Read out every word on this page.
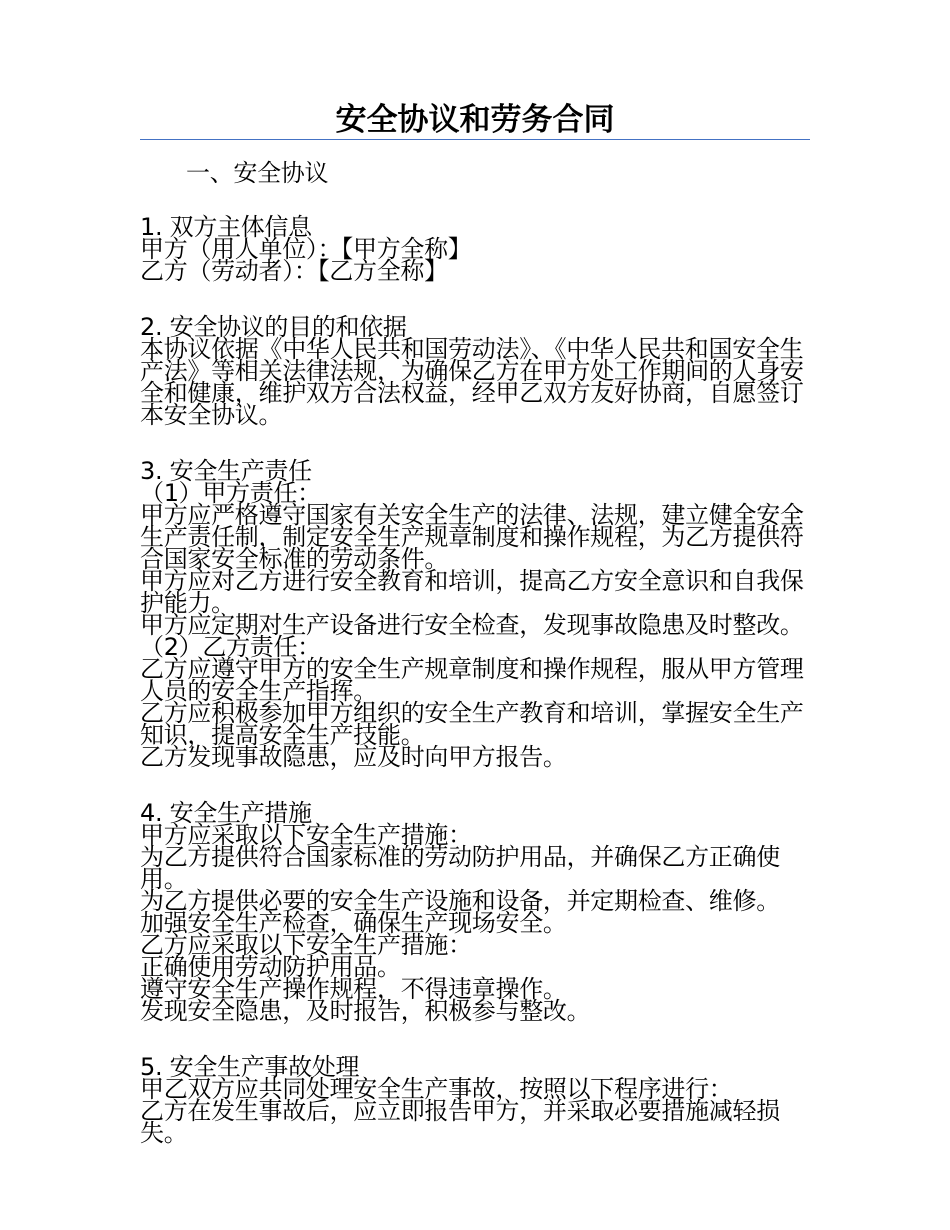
安全协议和劳务合同

一、安全协议

1. 双方主体信息

甲方（用人单位）：【甲方全称】

乙方（劳动者）：【乙方全称】

2. 安全协议的目的和依据

本协议依据《中华人民共和国劳动法》、《中华人民共和国安全生产法》等相关法律法规，为确保乙方在甲方处工作期间的人身安全和健康，维护双方合法权益，经甲乙双方友好协商，自愿签订本安全协议。

3. 安全生产责任

（1）甲方责任：

甲方应严格遵守国家有关安全生产的法律、法规，建立健全安全生产责任制，制定安全生产规章制度和操作规程，为乙方提供符合国家安全标准的劳动条件。

甲方应对乙方进行安全教育和培训，提高乙方安全意识和自我保护能力。

甲方应定期对生产设备进行安全检查，发现事故隐患及时整改。

（2）乙方责任：

乙方应遵守甲方的安全生产规章制度和操作规程，服从甲方管理人员的安全生产指挥。

乙方应积极参加甲方组织的安全生产教育和培训，掌握安全生产知识，提高安全生产技能。

乙方发现事故隐患，应及时向甲方报告。

4. 安全生产措施

甲方应采取以下安全生产措施：

为乙方提供符合国家标准的劳动防护用品，并确保乙方正确使用。

为乙方提供必要的安全生产设施和设备，并定期检查、维修。

加强安全生产检查，确保生产现场安全。

乙方应采取以下安全生产措施：

正确使用劳动防护用品。

遵守安全生产操作规程，不得违章操作。

发现安全隐患，及时报告，积极参与整改。

5. 安全生产事故处理

甲乙双方应共同处理安全生产事故，按照以下程序进行：

乙方在发生事故后，应立即报告甲方，并采取必要措施减轻损失。
